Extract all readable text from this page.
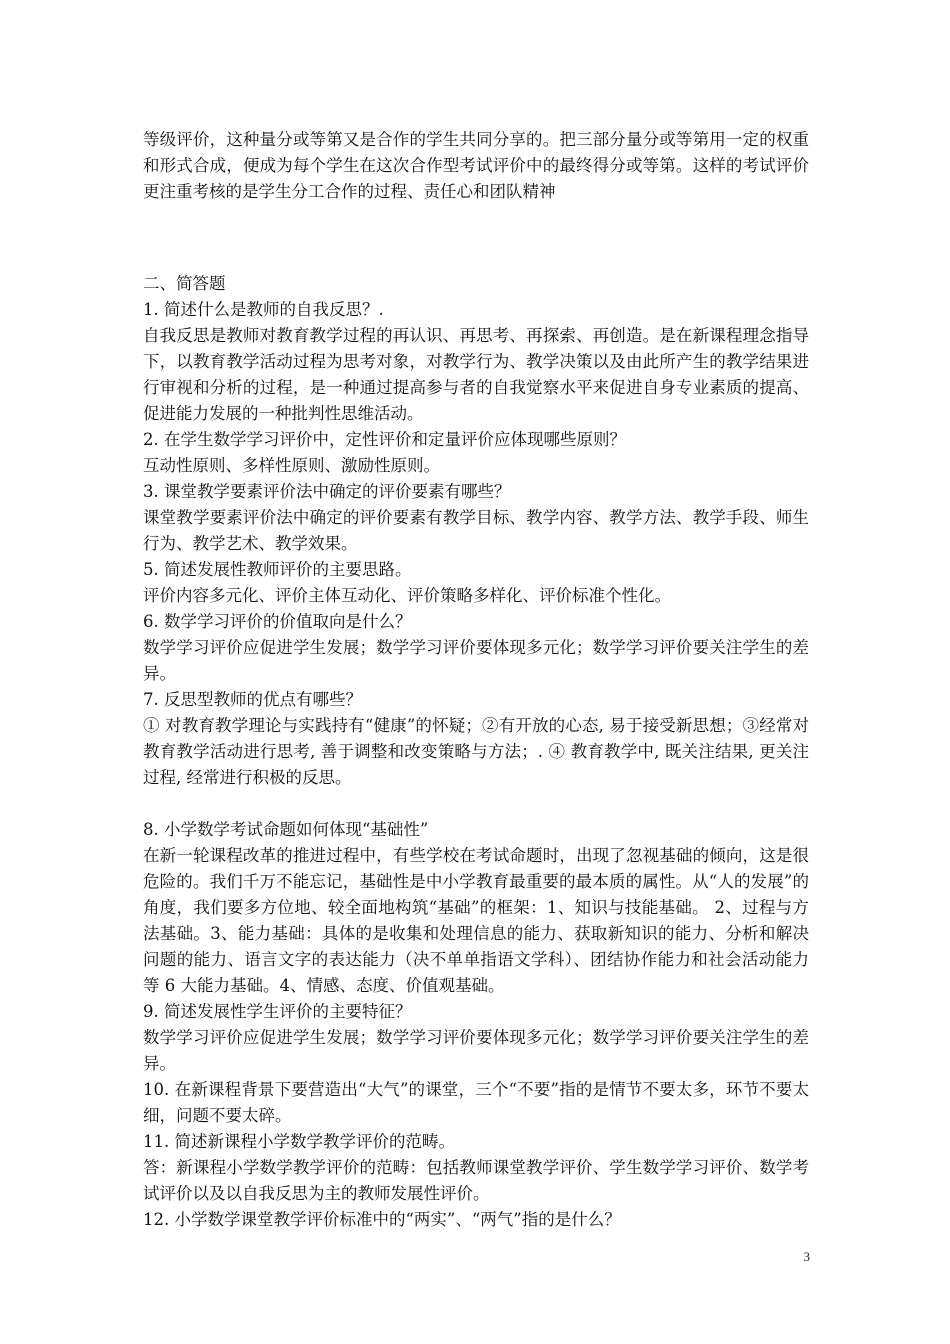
等级评价，这种量分或等第又是合作的学生共同分享的。把三部分量分或等第用一定的权重和形式合成，便成为每个学生在这次合作型考试评价中的最终得分或等第。这样的考试评价更注重考核的是学生分工合作的过程、责任心和团队精神

二、简答题

1. 简述什么是教师的自我反思？.

自我反思是教师对教育教学过程的再认识、再思考、再探索、再创造。是在新课程理念指导下，以教育教学活动过程为思考对象，对教学行为、教学决策以及由此所产生的教学结果进行审视和分析的过程，是一种通过提高参与者的自我觉察水平来促进自身专业素质的提高、促进能力发展的一种批判性思维活动。

2. 在学生数学学习评价中，定性评价和定量评价应体现哪些原则？

互动性原则、多样性原则、激励性原则。

3. 课堂教学要素评价法中确定的评价要素有哪些？

课堂教学要素评价法中确定的评价要素有教学目标、教学内容、教学方法、教学手段、师生行为、教学艺术、教学效果。

5. 简述发展性教师评价的主要思路。

评价内容多元化、评价主体互动化、评价策略多样化、评价标准个性化。

6. 数学学习评价的价值取向是什么？

数学学习评价应促进学生发展；数学学习评价要体现多元化；数学学习评价要关注学生的差异。

7. 反思型教师的优点有哪些？

① 对教育教学理论与实践持有“健康”的怀疑；②有开放的心态, 易于接受新思想；③经常对教育教学活动进行思考, 善于调整和改变策略与方法；. ④ 教育教学中, 既关注结果, 更关注过程, 经常进行积极的反思。

8. 小学数学考试命题如何体现“基础性”

在新一轮课程改革的推进过程中，有些学校在考试命题时，出现了忽视基础的倾向，这是很危险的。我们千万不能忘记，基础性是中小学教育最重要的最本质的属性。从“人的发展”的角度，我们要多方位地、较全面地构筑“基础”的框架：1、知识与技能基础。 2、过程与方法基础。3、能力基础：具体的是收集和处理信息的能力、获取新知识的能力、分析和解决问题的能力、语言文字的表达能力（决不单单指语文学科）、团结协作能力和社会活动能力等 6 大能力基础。4、情感、态度、价值观基础。

9. 简述发展性学生评价的主要特征？

数学学习评价应促进学生发展；数学学习评价要体现多元化；数学学习评价要关注学生的差异。

10. 在新课程背景下要营造出“大气”的课堂，三个“不要”指的是情节不要太多，环节不要太细，问题不要太碎。

11. 简述新课程小学数学教学评价的范畴。

答：新课程小学数学教学评价的范畴：包括教师课堂教学评价、学生数学学习评价、数学考试评价以及以自我反思为主的教师发展性评价。

12. 小学数学课堂教学评价标准中的“两实”、“两气”指的是什么？

3
